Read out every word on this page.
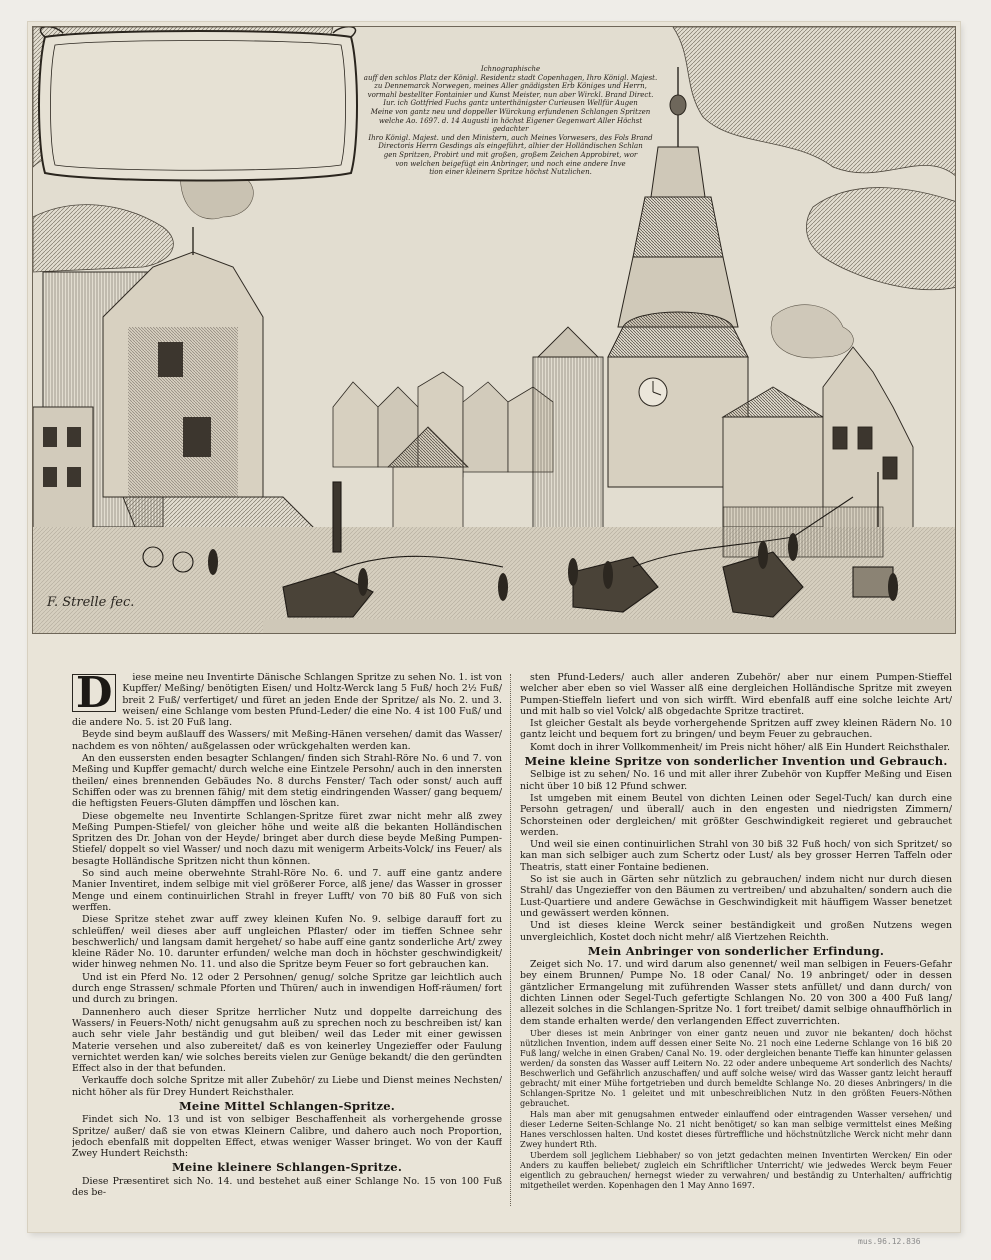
Ichnographische
auff den schlos Platz der Königl. Residentz stadt Copenhagen, Ihro Königl. Majest.
zu Dennemarck Norwegen, meines Aller gnädigsten Erb Königes und Herrn,
vormahl bestellter Fontainier und Kunst Meister, nun aber Wirckl. Brand Direct.
Iur. ich Gottfried Fuchs gantz unterthänigster Curieusen Wellfür Augen
Meine von gantz neu und doppeller Würckung erfundenen Schlangen Spritzen
welche Ao. 1697. d. 14 Augusti in höchst Eigener Gegenwart Aller Höchst gedachter
Ihro Königl. Majest. und den Ministern, auch Meines Vorwesers, des Fols Brand
Directoris Herrn Gesdings als eingeführt, alhier der Holländischen Schlan
gen Spritzen, Probirt und mit großen, großem Zeichen Approbiret, wor
von welchen beigefügt ein Anbringer, und noch eine andere Inve
tion einer kleinern Spritze höchst Nutzlichen.
F. Strelle fec.
D	iese meine neu Inventirte Dänische Schlangen Spritze zu sehen No. 1. ist von Kupffer/ Meßing/ benötigten Eisen/ und Holtz-Werck lang 5 Fuß/ hoch 2½ Fuß/ breit 2 Fuß/ verfertiget/ und füret an jeden Ende der Spritze/ als No. 2. und 3. weisen/ eine Schlange vom besten Pfund-Leder/ die eine No. 4 ist 100 Fuß/ und die andere No. 5. ist 20 Fuß lang.

Beyde sind beym außlauff des Wassers/ mit Meßing-Hänen versehen/ damit das Wasser/ nachdem es von nöhten/ außgelassen oder wrückgehalten werden kan.

An den eussersten enden besagter Schlangen/ finden sich Strahl-Röre No. 6 und 7. von Meßing und Kupffer gemacht/ durch welche eine Eintzele Persohn/ auch in den innersten theilen/ eines brennenden Gebäudes No. 8 durchs Fenster/ Tach oder sonst/ auch auff Schiffen oder was zu brennen fähig/ mit dem stetig eindringenden Wasser/ gang bequem/ die heftigsten Feuers-Gluten dämpffen und löschen kan.

Diese obgemelte neu Inventirte Schlangen-Spritze füret zwar nicht mehr alß zwey Meßing Pumpen-Stiefel/ von gleicher höhe und weite alß die bekanten Holländischen Spritzen des Dr. Johan von der Heyde/ bringet aber durch diese beyde Meßing Pumpen-Stiefel/ doppelt so viel Wasser/ und noch dazu mit wenigerm Arbeits-Volck/ ins Feuer/ als besagte Holländische Spritzen nicht thun können.

So sind auch meine oberwehnte Strahl-Röre No. 6. und 7. auff eine gantz andere Manier Inventiret, indem selbige mit viel größerer Force, alß jene/ das Wasser in grosser Menge und einem continuirlichen Strahl in freyer Lufft/ von 70 biß 80 Fuß von sich werffen.

Diese Spritze stehet zwar auff zwey kleinen Kufen No. 9. selbige darauff fort zu schleüffen/ weil dieses aber auff ungleichen Pflaster/ oder im tieffen Schnee sehr beschwerlich/ und langsam damit hergehet/ so habe auff eine gantz sonderliche Art/ zwey kleine Räder No. 10. darunter erfunden/ welche man doch in höchster geschwindigkeit/ wider hinweg nehmen No. 11. und also die Spritze beym Feuer so fort gebrauchen kan.

Und ist ein Pferd No. 12 oder 2 Persohnen/ genug/ solche Spritze gar leichtlich auch durch enge Strassen/ schmale Pforten und Thüren/ auch in inwendigen Hoff-räumen/ fort und durch zu bringen.

Dannenhero auch dieser Spritze herrlicher Nutz und doppelte darreichung des Wassers/ in Feuers-Noth/ nicht genugsahm auß zu sprechen noch zu beschreiben ist/ kan auch sehr viele Jahr beständig und gut bleiben/ weil das Leder mit einer gewissen Materie versehen und also zubereitet/ daß es von keinerley Ungezieffer oder Faulung vernichtet werden kan/ wie solches bereits vielen zur Genüge bekandt/ die den geründten Effect also in der that befunden.

Verkauffe doch solche Spritze mit aller Zubehör/ zu Liebe und Dienst meines Nechsten/ nicht höher als für Drey Hundert Reichsthaler.

Meine Mittel Schlangen-Spritze.

Findet sich No. 13 und ist von selbiger Beschaffenheit als vorhergehende grosse Spritze/ außer/ daß sie von etwas Kleinern Calibre, und dahero auch noch Proportion, jedoch ebenfalß mit doppelten Effect, etwas weniger Wasser bringet. Wo von der Kauff Zwey Hundert Reichsth:

Meine kleinere Schlangen-Spritze.

Diese Præsentiret sich No. 14. und bestehet auß einer Schlange No. 15 von 100 Fuß des be-

sten Pfund-Leders/ auch aller anderen Zubehör/ aber nur einem Pumpen-Stieffel welcher aber eben so viel Wasser alß eine dergleichen Holländische Spritze mit zweyen Pumpen-Stieffeln liefert und von sich wirfft. Wird ebenfalß auff eine solche leichte Art/ und mit halb so viel Volck/ alß obgedachte Spritze tractiret.

Ist gleicher Gestalt als beyde vorhergehende Spritzen auff zwey kleinen Rädern No. 10 gantz leicht und bequem fort zu bringen/ und beym Feuer zu gebrauchen.

Komt doch in ihrer Vollkommenheit/ im Preis nicht höher/ alß Ein Hundert Reichsthaler.

Meine kleine Spritze von sonderlicher Invention und Gebrauch.

Selbige ist zu sehen/ No. 16 und mit aller ihrer Zubehör von Kupffer Meßing und Eisen nicht über 10 biß 12 Pfund schwer.

Ist umgeben mit einem Beutel von dichten Leinen oder Segel-Tuch/ kan durch eine Persohn getragen/ und überall/ auch in den engesten und niedrigsten Zimmern/ Schorsteinen oder dergleichen/ mit größter Geschwindigkeit regieret und gebrauchet werden.

Und weil sie einen continuirlichen Strahl von 30 biß 32 Fuß hoch/ von sich Spritzet/ so kan man sich selbiger auch zum Schertz oder Lust/ als bey grosser Herren Taffeln oder Theatris, statt einer Fontaine bedienen.

So ist sie auch in Gärten sehr nützlich zu gebrauchen/ indem nicht nur durch diesen Strahl/ das Ungezieffer von den Bäumen zu vertreiben/ und abzuhalten/ sondern auch die Lust-Quartiere und andere Gewächse in Geschwindigkeit mit häuffigem Wasser benetzet und gewässert werden können.

Und ist dieses kleine Werck seiner beständigkeit und großen Nutzens wegen unvergleichlich, Kostet doch nicht mehr/ alß Viertzehen Reichth.

Mein Anbringer von sonderlicher Erfindung.

Zeiget sich No. 17. und wird darum also genennet/ weil man selbigen in Feuers-Gefahr bey einem Brunnen/ Pumpe No. 18 oder Canal/ No. 19 anbringet/ oder in dessen gäntzlicher Ermangelung mit zuführenden Wasser stets anfüllet/ und dann durch/ von dichten Linnen oder Segel-Tuch gefertigte Schlangen No. 20 von 300 a 400 Fuß lang/ allezeit solches in die Schlangen-Spritze No. 1 fort treibet/ damit selbige ohnauffhörlich in dem stande erhalten werde/ den verlangenden Effect zuverrichten.

Uber dieses ist mein Anbringer von einer gantz neuen und zuvor nie bekanten/ doch höchst nützlichen Invention, indem auff dessen einer Seite No. 21 noch eine Lederne Schlange von 16 biß 20 Fuß lang/ welche in einen Graben/ Canal No. 19. oder dergleichen benante Tieffe kan hinunter gelassen werden/ da sonsten das Wasser auff Leitern No. 22 oder andere unbequeme Art sonderlich des Nachts/ Beschwerlich und Gefährlich anzuschaffen/ und auff solche weise/ wird das Wasser gantz leicht herauff gebracht/ mit einer Mühe fortgetrieben und durch bemeldte Schlange No. 20 dieses Anbringers/ in die Schlangen-Spritze No. 1 geleitet und mit unbeschreiblichen Nutz in den größten Feuers-Nöthen gebrauchet.

Hals man aber mit genugsahmen entweder einlauffend oder eintragenden Wasser versehen/ und dieser Lederne Seiten-Schlange No. 21 nicht benötiget/ so kan man selbige vermittelst eines Meßing Hanes verschlossen halten. Und kostet dieses fürtreffliche und höchstnützliche Werck nicht mehr dann Zwey hundert Rth.

Uberdem soll jeglichem Liebhaber/ so von jetzt gedachten meinen Inventirten Wercken/ Ein oder Anders zu kauffen beliebet/ zugleich ein Schriftlicher Unterricht/ wie jedwedes Werck beym Feuer eigentlich zu gebrauchen/ hernegst wieder zu verwahren/ und beständig zu Unterhalten/ auffrichtig mitgetheilet werden. Kopenhagen den 1 May Anno 1697.

mus.96.12.836
